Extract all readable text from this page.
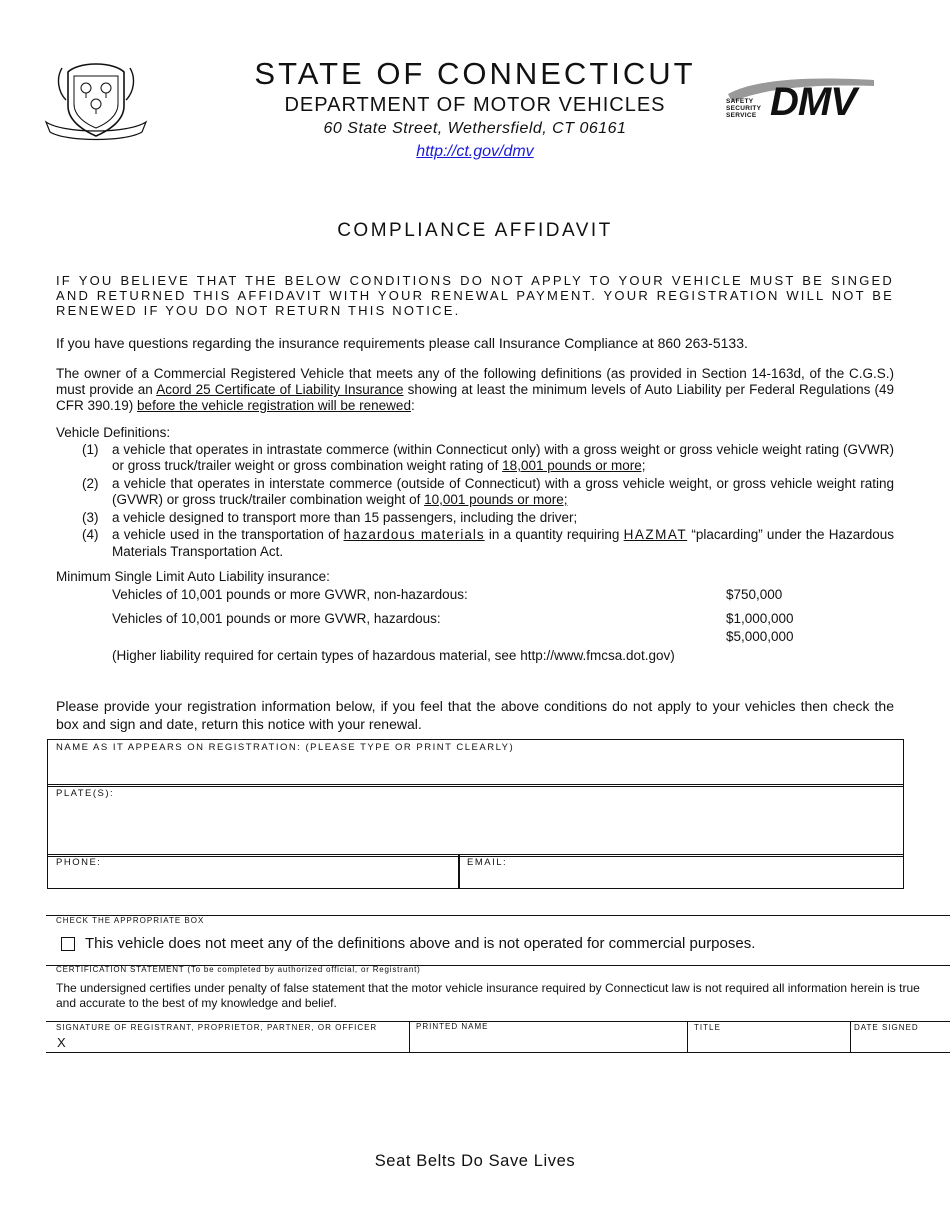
STATE OF CONNECTICUT
DEPARTMENT OF MOTOR VEHICLES
60 State Street, Wethersfield, CT 06161
http://ct.gov/dmv
SAFETY
SECURITY
SERVICE DMV
COMPLIANCE AFFIDAVIT
IF YOU BELIEVE THAT THE BELOW CONDITIONS DO NOT APPLY TO YOUR VEHICLE MUST BE SINGED AND RETURNED THIS AFFIDAVIT WITH YOUR RENEWAL PAYMENT. YOUR REGISTRATION WILL NOT BE RENEWED IF YOU DO NOT RETURN THIS NOTICE.
If you have questions regarding the insurance requirements please call Insurance Compliance at 860 263-5133.
The owner of a Commercial Registered Vehicle that meets any of the following definitions (as provided in Section 14-163d, of the C.G.S.) must provide an Acord 25 Certificate of Liability Insurance showing at least the minimum levels of Auto Liability per Federal Regulations (49 CFR 390.19) before the vehicle registration will be renewed:
Vehicle Definitions:
(1) a vehicle that operates in intrastate commerce (within Connecticut only) with a gross weight or gross vehicle weight rating (GVWR) or gross truck/trailer weight or gross combination weight rating of 18,001 pounds or more;
(2) a vehicle that operates in interstate commerce (outside of Connecticut) with a gross vehicle weight, or gross vehicle weight rating (GVWR) or gross truck/trailer combination weight of 10,001 pounds or more;
(3) a vehicle designed to transport more than 15 passengers, including the driver;
(4) a vehicle used in the transportation of hazardous materials in a quantity requiring HAZMAT “placarding” under the Hazardous Materials Transportation Act.
Minimum Single Limit Auto Liability insurance:
Vehicles of 10,001 pounds or more GVWR, non-hazardous:	$750,000
Vehicles of 10,001 pounds or more GVWR, hazardous:	$1,000,000
$5,000,000
(Higher liability required for certain types of hazardous material, see http://www.fmcsa.dot.gov)
Please provide your registration information below, if you feel that the above conditions do not apply to your vehicles then check the box and sign and date, return this notice with your renewal.
NAME AS IT APPEARS ON REGISTRATION: (PLEASE TYPE OR PRINT CLEARLY)
PLATE(S):
PHONE:	EMAIL:
CHECK THE APPROPRIATE BOX
This vehicle does not meet any of the definitions above and is not operated for commercial purposes.
CERTIFICATION STATEMENT (To be completed by authorized official, or Registrant)
The undersigned certifies under penalty of false statement that the motor vehicle insurance required by Connecticut law is not required all information herein is true and accurate to the best of my knowledge and belief.
SIGNATURE OF REGISTRANT, PROPRIETOR, PARTNER, OR OFFICER
X
PRINTED NAME	TITLE	DATE SIGNED
Seat Belts Do Save Lives
